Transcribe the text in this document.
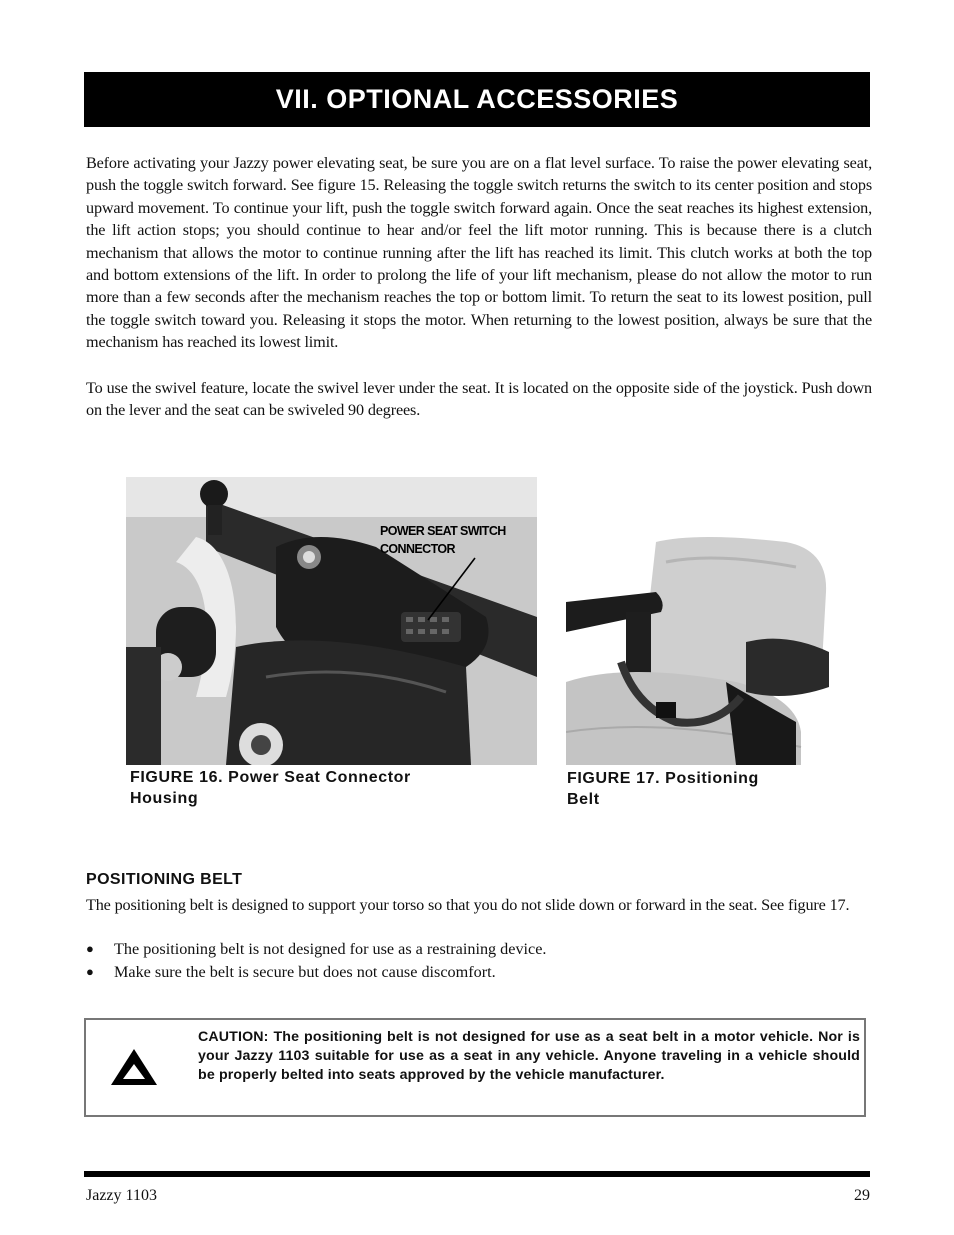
VII. OPTIONAL ACCESSORIES
Before activating your Jazzy power elevating seat, be sure you are on a flat level surface. To raise the power elevating seat, push the toggle switch forward. See figure 15. Releasing the toggle switch returns the switch to its center position and stops upward movement. To continue your lift, push the toggle switch forward again. Once the seat reaches its highest extension, the lift action stops; you should continue to hear and/or feel the lift motor running. This is because there is a clutch mechanism that allows the motor to continue running after the lift has reached its limit. This clutch works at both the top and bottom extensions of the lift. In order to prolong the life of your lift mechanism, please do not allow the motor to run more than a few seconds after the mechanism reaches the top or bottom limit. To return the seat to its lowest position, pull the toggle switch toward you. Releasing it stops the motor. When returning to the lowest position, always be sure that the mechanism has reached its lowest limit.
To use the swivel feature, locate the swivel lever under the seat. It is located on the opposite side of the joystick. Push down on the lever and the seat can be swiveled 90 degrees.
POWER SEAT SWITCH
CONNECTOR
FIGURE 16. Power Seat Connector
Housing
FIGURE 17. Positioning
Belt
POSITIONING BELT
The positioning belt is designed to support your torso so that you do not slide down or forward in the seat. See figure 17.
● The positioning belt is not designed for use as a restraining device.
● Make sure the belt is secure but does not cause discomfort.
CAUTION: The positioning belt is not designed for use as a seat belt in a motor vehicle. Nor is your Jazzy 1103 suitable for use as a seat in any vehicle. Anyone traveling in a vehicle should be properly belted into seats approved by the vehicle manufacturer.
Jazzy 1103	29
